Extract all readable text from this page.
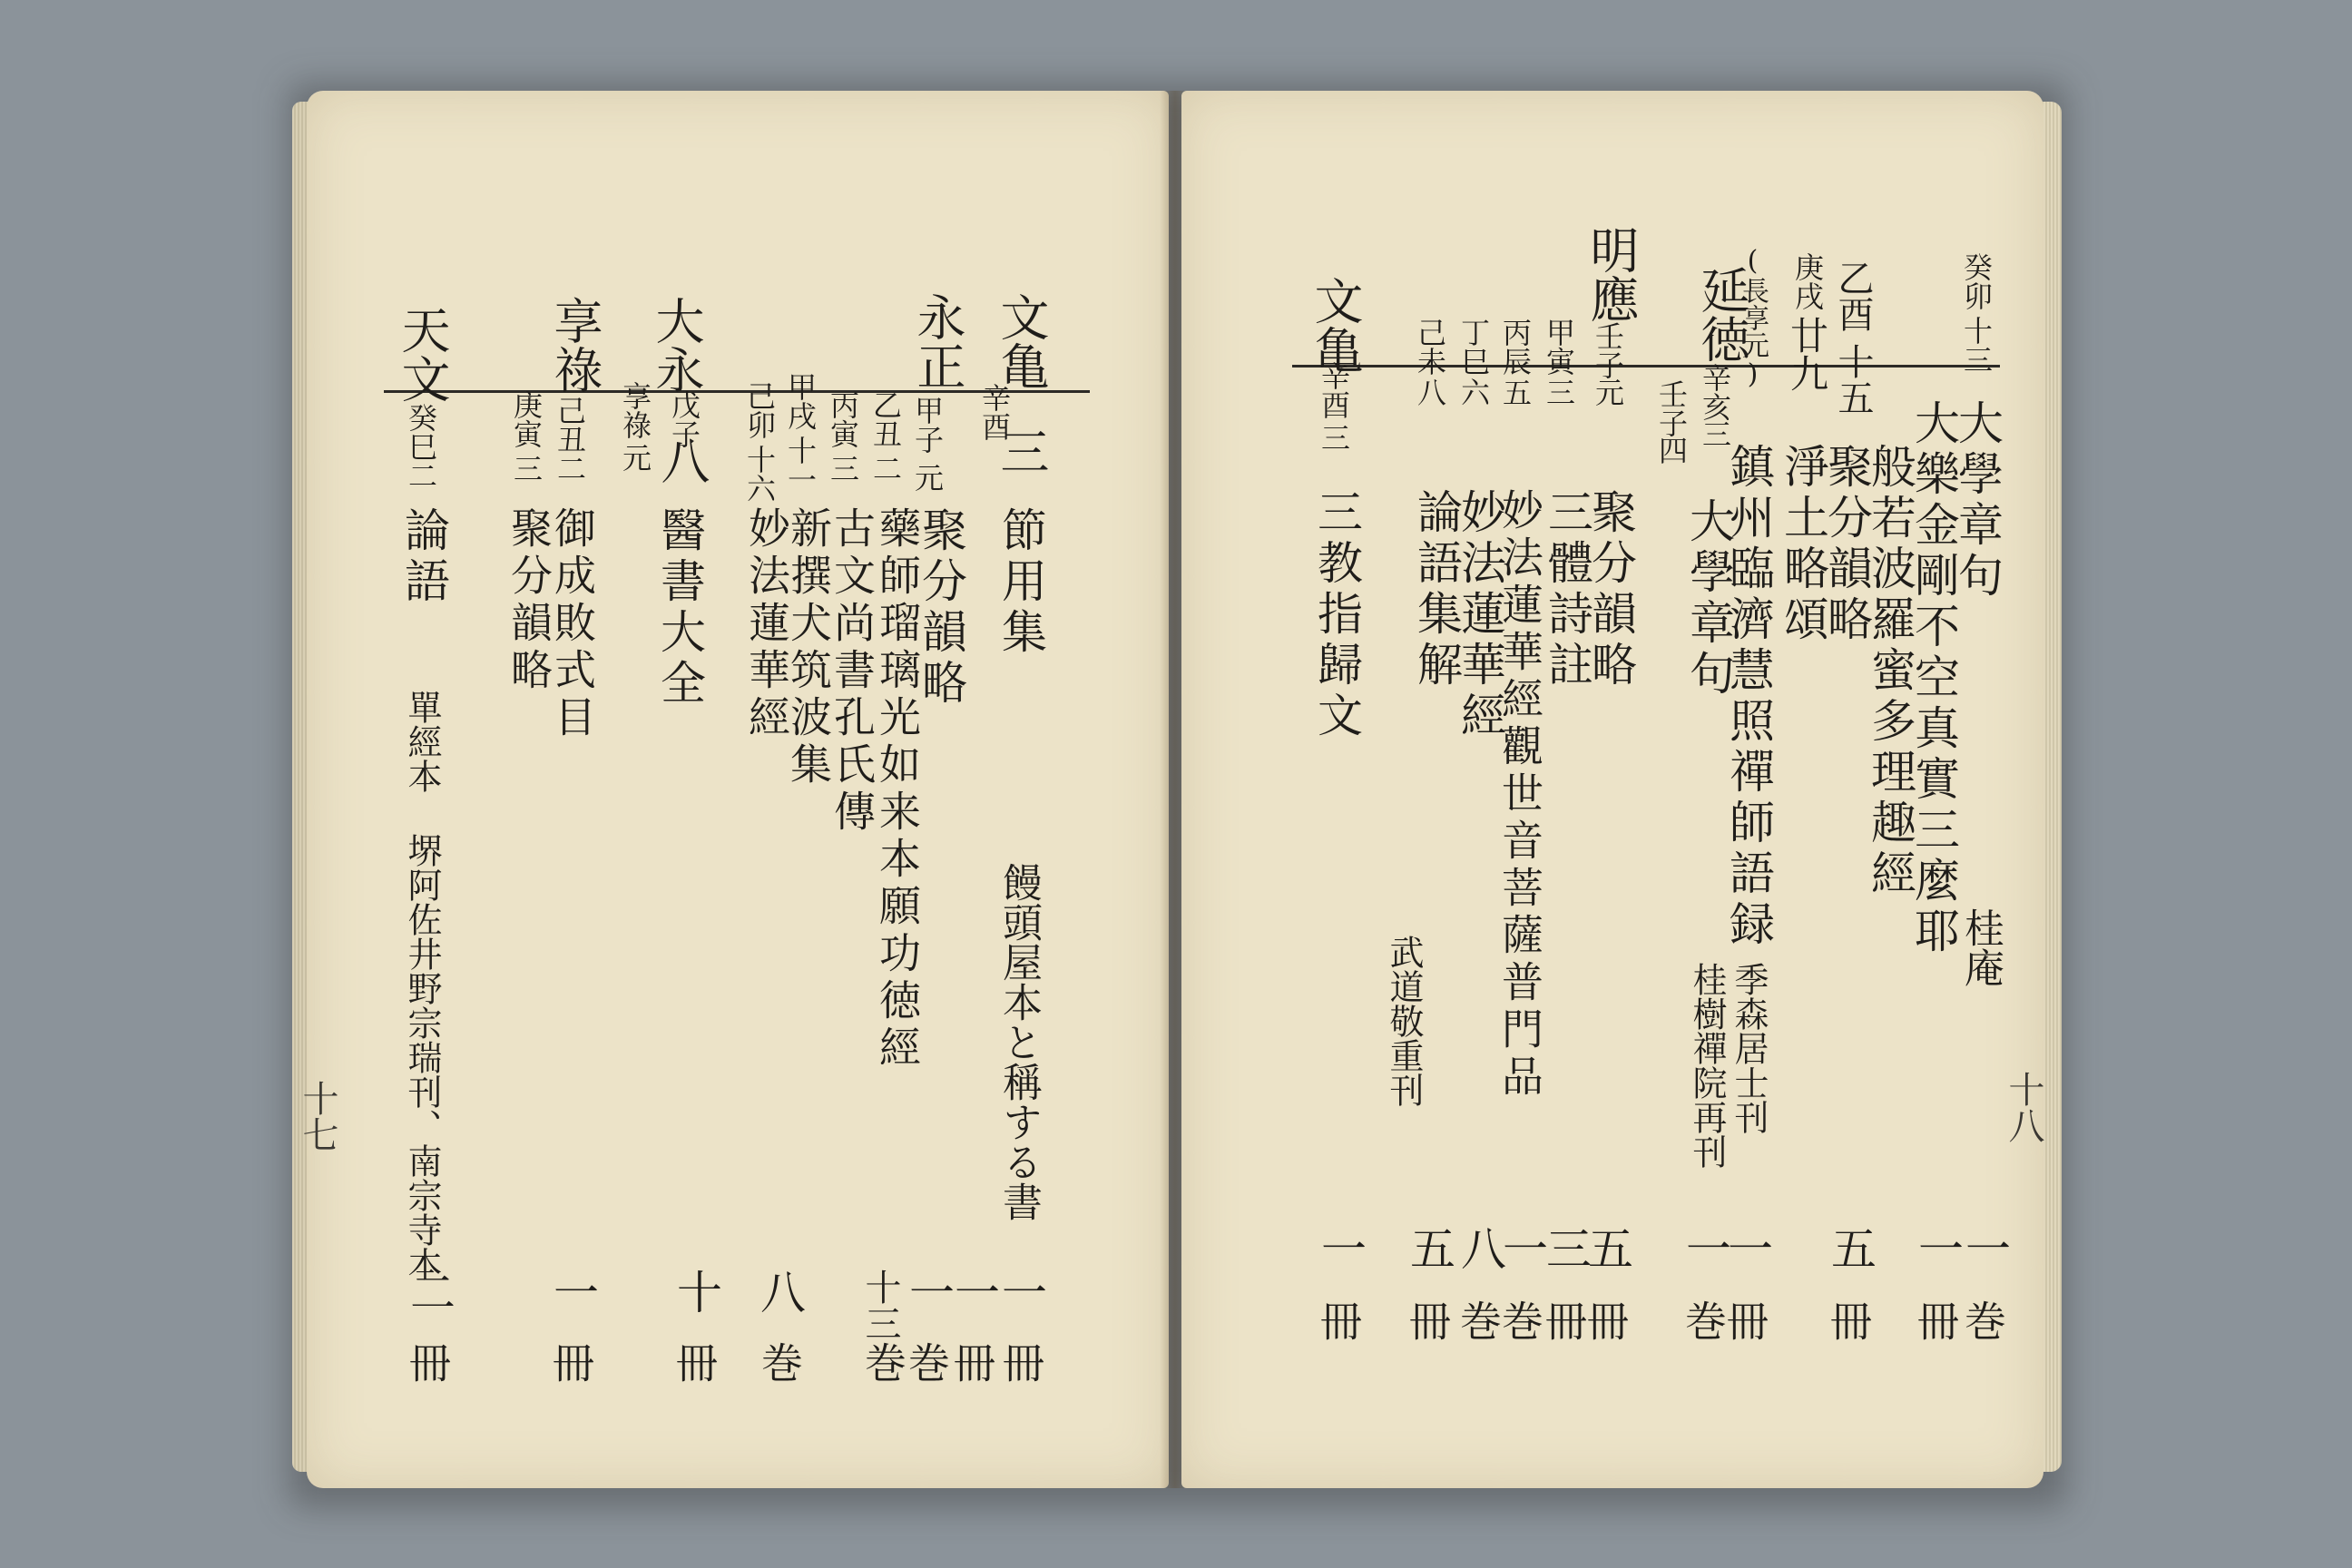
十七
文亀
辛酉
三
節用集
饅頭屋本と稱する書
一
冊
永正
甲子
元
聚分韻略
一
冊
乙丑
二
藥師瑠璃光如来本願功徳經
一
巻
丙寅
三
古文尚書孔氏傳
十三
巻
甲戌
十一
新撰犬筑波集
己卯
十六
妙法蓮華經
八
巻
大永
戊子
八
醫書大全
十
冊
享祿
元
享祿
己丑
二
御成敗式目
一
冊
庚寅
三
聚分韻略
天文
癸巳
二
論語
單經本 堺阿佐井野宗瑞刊、南宗寺本
二
冊
十八
癸卯
十三
大學章句
桂庵
一
巻
大樂金剛不空真實三麼耶
一
冊
般若波羅蜜多理趣經
乙酉
十五
聚分韻略
五
冊
庚戌
廿九
淨土略頌
(長享元)
鎮州臨濟慧照禪師語録
季森居士刊
一
冊
延徳
辛亥
三
大學章句
桂樹禪院再刊
一
巻
壬子
四
明應
壬子
元
聚分韻略
五
冊
甲寅
三
三體詩註
三
冊
丙辰
五
妙法蓮華經觀世音菩薩普門品
一
巻
丁巳
六
妙法蓮華經
八
巻
己未
八
論語集解
武道敬重刊
五
冊
文亀
辛酉
三
三教指歸文
一
冊
